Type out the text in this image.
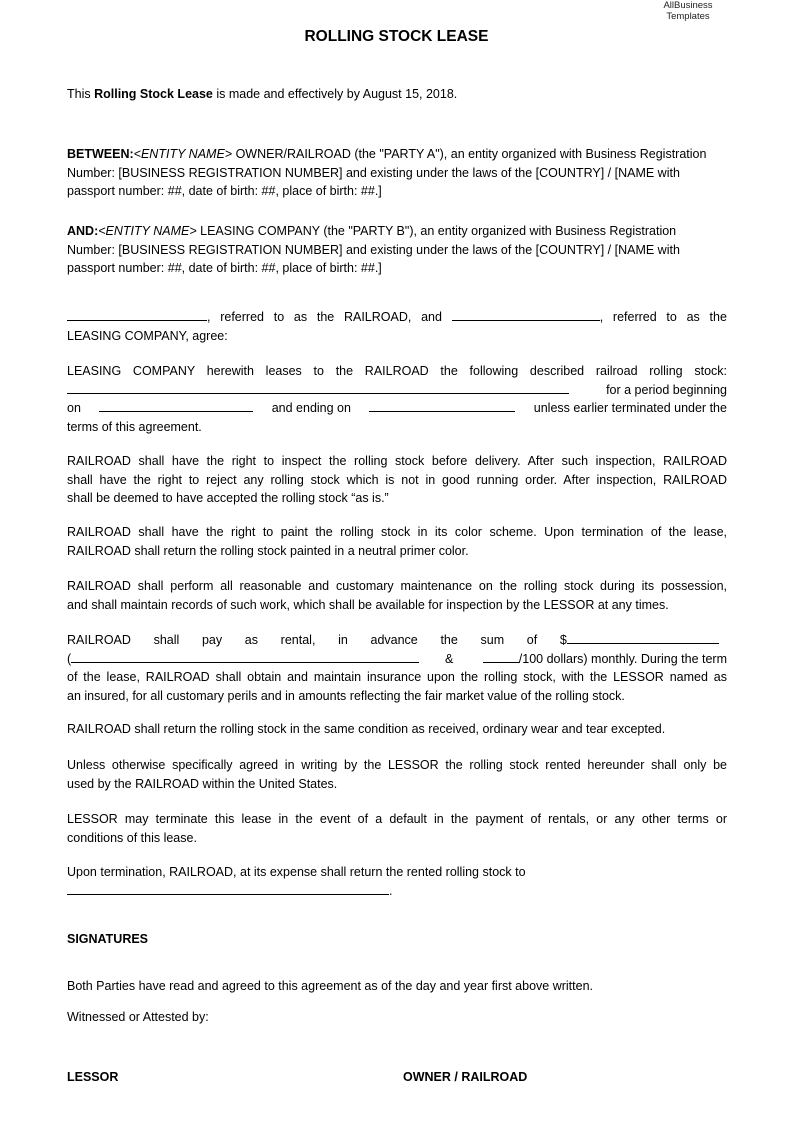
AllBusiness
Templates
ROLLING STOCK LEASE
This Rolling Stock Lease is made and effectively by August 15, 2018.
BETWEEN:<ENTITY NAME> OWNER/RAILROAD (the "PARTY A"), an entity organized with Business Registration
Number: [BUSINESS REGISTRATION NUMBER] and existing under the laws of the [COUNTRY] / [NAME with
passport number: ##, date of birth: ##, place of birth: ##.]
AND:<ENTITY NAME> LEASING COMPANY (the "PARTY B"), an entity organized with Business Registration
Number: [BUSINESS REGISTRATION NUMBER] and existing under the laws of the [COUNTRY] / [NAME with
passport number: ##, date of birth: ##, place of birth: ##.]
, referred to as the RAILROAD, and	, referred to as the
LEASING COMPANY, agree:
LEASING COMPANY herewith leases to the RAILROAD the following described railroad rolling stock:
for a period beginning
on	and ending on	unless earlier terminated under the
terms of this agreement.
RAILROAD shall have the right to inspect the rolling stock before delivery. After such inspection, RAILROAD
shall have the right to reject any rolling stock which is not in good running order. After inspection, RAILROAD
shall be deemed to have accepted the rolling stock “as is.”
RAILROAD shall have the right to paint the rolling stock in its color scheme. Upon termination of the lease,
RAILROAD shall return the rolling stock painted in a neutral primer color.
RAILROAD shall perform all reasonable and customary maintenance on the rolling stock during its possession,
and shall maintain records of such work, which shall be available for inspection by the LESSOR at any times.
RAILROAD shall pay as rental, in advance the sum of $
(	&	/100 dollars) monthly. During the term
of the lease, RAILROAD shall obtain and maintain insurance upon the rolling stock, with the LESSOR named as
an insured, for all customary perils and in amounts reflecting the fair market value of the rolling stock.
RAILROAD shall return the rolling stock in the same condition as received, ordinary wear and tear excepted.
Unless otherwise specifically agreed in writing by the LESSOR the rolling stock rented hereunder shall only be
used by the RAILROAD within the United States.
LESSOR may terminate this lease in the event of a default in the payment of rentals, or any other terms or
conditions of this lease.
Upon termination, RAILROAD, at its expense shall return the rented rolling stock to
.
SIGNATURES
Both Parties have read and agreed to this agreement as of the day and year first above written.
Witnessed or Attested by:
LESSOR	OWNER / RAILROAD
